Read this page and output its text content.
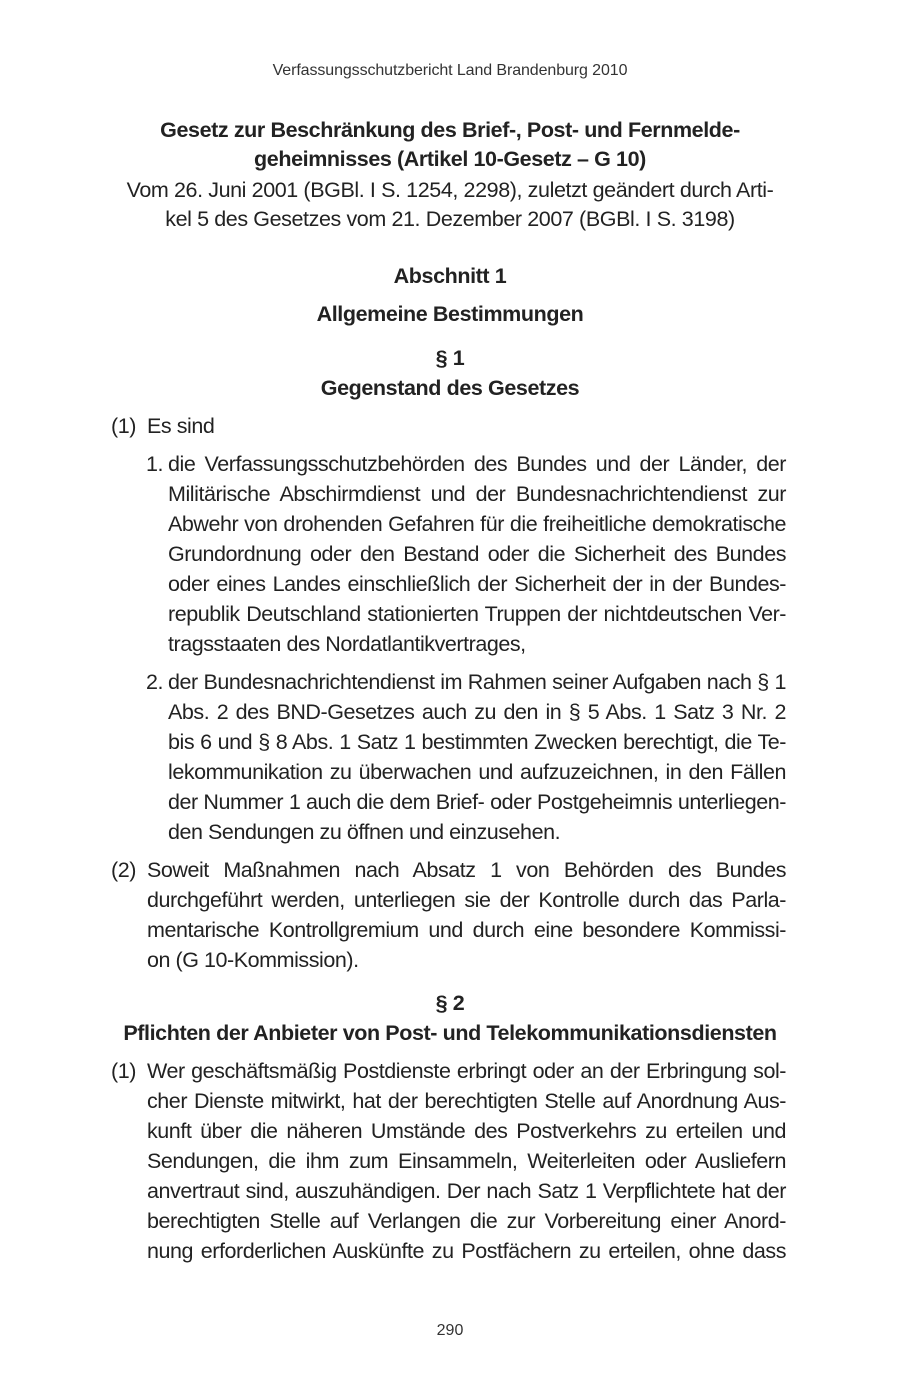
Verfassungsschutzbericht Land Brandenburg 2010
Gesetz zur Beschränkung des Brief-, Post- und Fernmelde-
geheimnisses (Artikel 10-Gesetz – G 10)
Vom 26. Juni 2001 (BGBl. I S. 1254, 2298), zuletzt geändert durch Arti-
kel 5 des Gesetzes vom 21. Dezember 2007 (BGBl. I S. 3198)
Abschnitt 1
Allgemeine Bestimmungen
§ 1
Gegenstand des Gesetzes
(1) Es sind
1. die Verfassungsschutzbehörden des Bundes und der Länder, der
Militärische Abschirmdienst und der Bundesnachrichtendienst zur
Abwehr von drohenden Gefahren für die freiheitliche demokratische
Grundordnung oder den Bestand oder die Sicherheit des Bundes
oder eines Landes einschließlich der Sicherheit der in der Bundes-
republik Deutschland stationierten Truppen der nichtdeutschen Ver-
tragsstaaten des Nordatlantikvertrages,
2. der Bundesnachrichtendienst im Rahmen seiner Aufgaben nach § 1
Abs. 2 des BND-Gesetzes auch zu den in § 5 Abs. 1 Satz 3 Nr. 2
bis 6 und § 8 Abs. 1 Satz 1 bestimmten Zwecken berechtigt, die Te-
lekommunikation zu überwachen und aufzuzeichnen, in den Fällen
der Nummer 1 auch die dem Brief- oder Postgeheimnis unterliegen-
den Sendungen zu öffnen und einzusehen.
(2) Soweit Maßnahmen nach Absatz 1 von Behörden des Bundes
durchgeführt werden, unterliegen sie der Kontrolle durch das Parla-
mentarische Kontrollgremium und durch eine besondere Kommissi-
on (G 10-Kommission).
§ 2
Pflichten der Anbieter von Post- und Telekommunikationsdiensten
(1) Wer geschäftsmäßig Postdienste erbringt oder an der Erbringung sol-
cher Dienste mitwirkt, hat der berechtigten Stelle auf Anordnung Aus-
kunft über die näheren Umstände des Postverkehrs zu erteilen und
Sendungen, die ihm zum Einsammeln, Weiterleiten oder Ausliefern
anvertraut sind, auszuhändigen. Der nach Satz 1 Verpflichtete hat der
berechtigten Stelle auf Verlangen die zur Vorbereitung einer Anord-
nung erforderlichen Auskünfte zu Postfächern zu erteilen, ohne dass
290
